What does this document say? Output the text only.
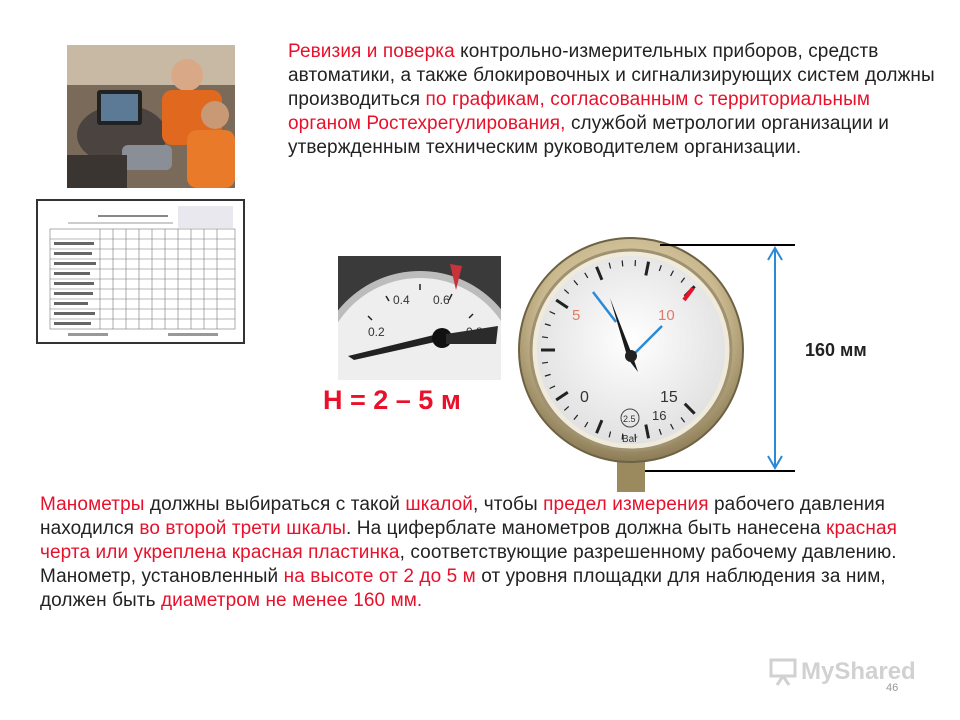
Ревизия и поверка контрольно-измерительных приборов, средств автоматики, а также блокировочных и сигнализирующих систем должны производиться по графикам, согласованным с территориальным органом Ростехрегулирования, службой метрологии организации и утвержденным техническим руководителем организации.
0.2
0.4 0.6
Н = 2 – 5 м	0
5	10
15
16
2.5
Bar
160 мм
Манометры должны выбираться с такой шкалой, чтобы предел измерения рабочего давления находился во второй трети шкалы. На циферблате манометров должна быть нанесена красная черта или укреплена красная пластинка, соответствующие разрешенному рабочему давлению. Манометр, установленный на высоте от 2 до 5 м от уровня площадки для наблюдения за ним, должен быть диаметром не менее 160 мм.
MyShared
46
